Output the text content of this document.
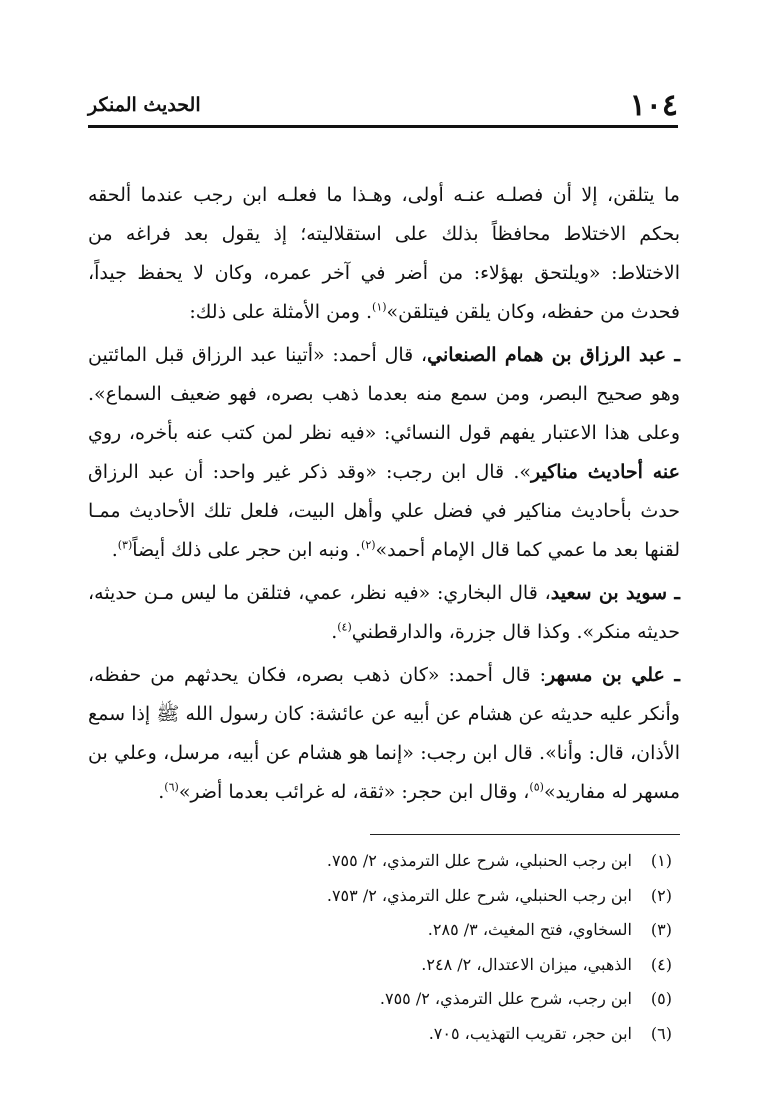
١٠٤
الحديث المنكر

ما يتلقن، إلا أن فصلـه عنـه أولى، وهـذا ما فعلـه ابن رجب عندما ألحقه بحكم الاختلاط محافظاً بذلك على استقلاليته؛ إذ يقول بعد فراغه من الاختلاط: «ويلتحق بهؤلاء: من أضر في آخر عمره، وكان لا يحفظ جيداً، فحدث من حفظه، وكان يلقن فيتلقن»$^{(١)}$. ومن الأمثلة على ذلك:

ـ عبد الرزاق بن همام الصنعاني، قال أحمد: «أتينا عبد الرزاق قبل المائتين وهو صحيح البصر، ومن سمع منه بعدما ذهب بصره، فهو ضعيف السماع». وعلى هذا الاعتبار يفهم قول النسائي: «فيه نظر لمن كتب عنه بأخره، روي عنه أحاديث مناكير». قال ابن رجب: «وقد ذكر غير واحد: أن عبد الرزاق حدث بأحاديث مناكير في فضل علي وأهل البيت، فلعل تلك الأحاديث ممـا لقنها بعد ما عمي كما قال الإمام أحمد»$^{(٢)}$. ونبه ابن حجر على ذلك أيضاً$^{(٣)}$.

ـ سويد بن سعيد، قال البخاري: «فيه نظر، عمي، فتلقن ما ليس مـن حديثه، حديثه منكر». وكذا قال جزرة، والدارقطني$^{(٤)}$.

ـ علي بن مسهر: قال أحمد: «كان ذهب بصره، فكان يحدثهم من حفظه، وأنكر عليه حديثه عن هشام عن أبيه عن عائشة: كان رسول الله ﷺ إذا سمع الأذان، قال: وأنا». قال ابن رجب: «إنما هو هشام عن أبيه، مرسل، وعلي بن مسهر له مفاريد»$^{(٥)}$، وقال ابن حجر: «ثقة، له غرائب بعدما أضر»$^{(٦)}$.

(١)ابن رجب الحنبلي، شرح علل الترمذي، ٢/ ٧٥٥.
(٢)ابن رجب الحنبلي، شرح علل الترمذي، ٢/ ٧٥٣.
(٣)السخاوي، فتح المغيث، ٣/ ٢٨٥.
(٤)الذهبي، ميزان الاعتدال، ٢/ ٢٤٨.
(٥)ابن رجب، شرح علل الترمذي، ٢/ ٧٥٥.
(٦)ابن حجر، تقريب التهذيب، ٧٠٥.
